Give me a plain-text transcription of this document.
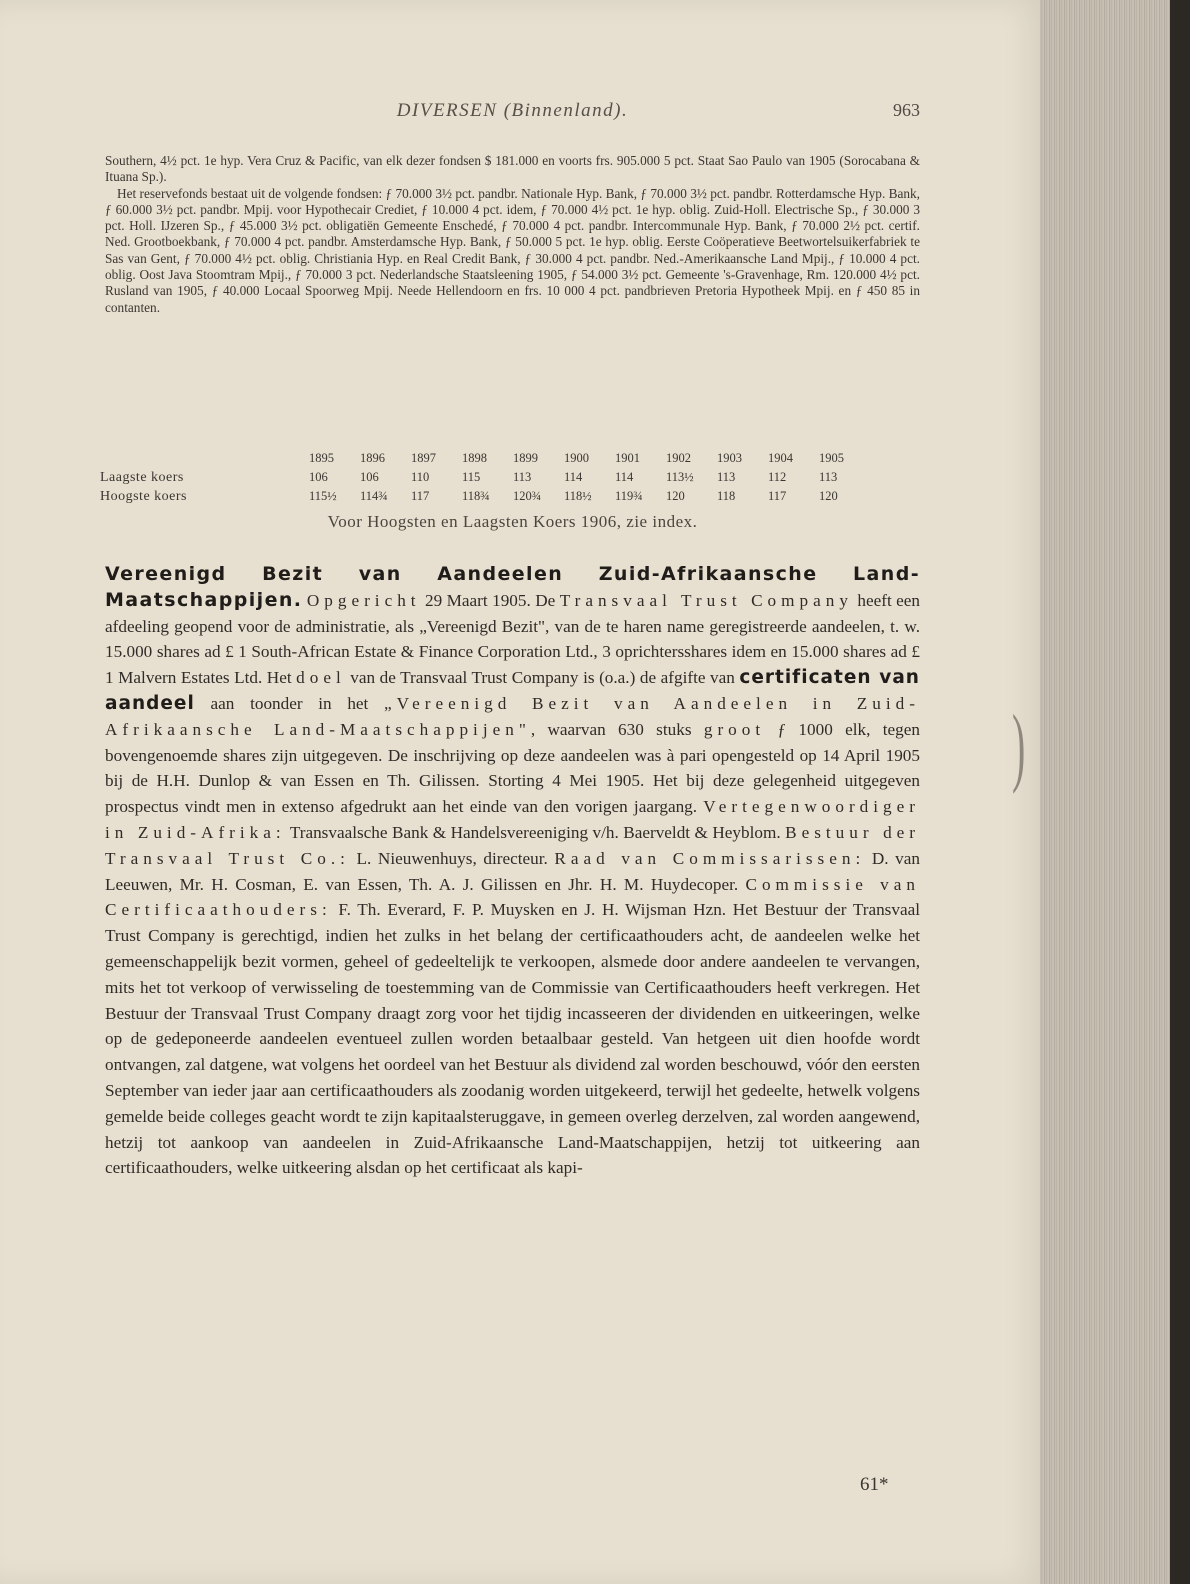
DIVERSEN (Binnenland).	963

Southern, 4½ pct. 1e hyp. Vera Cruz & Pacific, van elk dezer fondsen $ 181.000 en voorts frs. 905.000 5 pct. Staat Sao Paulo van 1905 (Sorocabana & Ituana Sp.).

Het reservefonds bestaat uit de volgende fondsen: ƒ 70.000 3½ pct. pandbr. Nationale Hyp. Bank, ƒ 70.000 3½ pct. pandbr. Rotterdamsche Hyp. Bank, ƒ 60.000 3½ pct. pandbr. Mpij. voor Hypothecair Crediet, ƒ 10.000 4 pct. idem, ƒ 70.000 4½ pct. 1e hyp. oblig. Zuid-Holl. Electrische Sp., ƒ 30.000 3 pct. Holl. IJzeren Sp., ƒ 45.000 3½ pct. obligatiën Gemeente Enschedé, ƒ 70.000 4 pct. pandbr. Intercommunale Hyp. Bank, ƒ 70.000 2½ pct. certif. Ned. Grootboekbank, ƒ 70.000 4 pct. pandbr. Amsterdamsche Hyp. Bank, ƒ 50.000 5 pct. 1e hyp. oblig. Eerste Coöperatieve Beetwortelsuikerfabriek te Sas van Gent, ƒ 70.000 4½ pct. oblig. Christiania Hyp. en Real Credit Bank, ƒ 30.000 4 pct. pandbr. Ned.-Amerikaansche Land Mpij., ƒ 10.000 4 pct. oblig. Oost Java Stoomtram Mpij., ƒ 70.000 3 pct. Nederlandsche Staatsleening 1905, ƒ 54.000 3½ pct. Gemeente 's-Gravenhage, Rm. 120.000 4½ pct. Rusland van 1905, ƒ 40.000 Locaal Spoorweg Mpij. Neede Hellendoorn en frs. 10 000 4 pct. pandbrieven Pretoria Hypotheek Mpij. en ƒ 450 85 in contanten.

	1895	1896	1897	1898	1899	1900	1901	1902	1903	1904	1905
Laagste koers	106	106	110	115	113	114	114	113½	113	112	113
Hoogste koers	115½	114¾	117	118¾	120¾	118½	119¾	120	118	117	120
Voor Hoogsten en Laagsten Koers 1906, zie index.
Vereenigd Bezit van Aandeelen Zuid-Afrikaansche Land-Maatschappijen. Opgericht 29 Maart 1905. De Transvaal Trust Company heeft een afdeeling geopend voor de administratie, als „Vereenigd Bezit", van de te haren name geregistreerde aandeelen, t. w. 15.000 shares ad £ 1 South-African Estate & Finance Corporation Ltd., 3 oprichtersshares idem en 15.000 shares ad £ 1 Malvern Estates Ltd. Het doel van de Transvaal Trust Company is (o.a.) de afgifte van certificaten van aandeel aan toonder in het „Vereenigd Bezit van Aandeelen in Zuid-Afrikaansche Land-Maatschappijen", waarvan 630 stuks groot ƒ 1000 elk, tegen bovengenoemde shares zijn uitgegeven. De inschrijving op deze aandeelen was à pari opengesteld op 14 April 1905 bij de H.H. Dunlop & van Essen en Th. Gilissen. Storting 4 Mei 1905. Het bij deze gelegenheid uitgegeven prospectus vindt men in extenso afgedrukt aan het einde van den vorigen jaargang. Vertegenwoordiger in Zuid-Afrika: Transvaalsche Bank & Handelsvereeniging v/h. Baerveldt & Heyblom. Bestuur der Transvaal Trust Co.: L. Nieuwenhuys, directeur. Raad van Commissarissen: D. van Leeuwen, Mr. H. Cosman, E. van Essen, Th. A. J. Gilissen en Jhr. H. M. Huydecoper. Commissie van Certificaathouders: F. Th. Everard, F. P. Muysken en J. H. Wijsman Hzn. Het Bestuur der Transvaal Trust Company is gerechtigd, indien het zulks in het belang der certificaathouders acht, de aandeelen welke het gemeenschappelijk bezit vormen, geheel of gedeeltelijk te verkoopen, alsmede door andere aandeelen te vervangen, mits het tot verkoop of verwisseling de toestemming van de Commissie van Certificaathouders heeft verkregen. Het Bestuur der Transvaal Trust Company draagt zorg voor het tijdig incasseeren der dividenden en uitkeeringen, welke op de gedeponeerde aandeelen eventueel zullen worden betaalbaar gesteld. Van hetgeen uit dien hoofde wordt ontvangen, zal datgene, wat volgens het oordeel van het Bestuur als dividend zal worden beschouwd, vóór den eersten September van ieder jaar aan certificaathouders als zoodanig worden uitgekeerd, terwijl het gedeelte, hetwelk volgens gemelde beide colleges geacht wordt te zijn kapitaalsteruggave, in gemeen overleg derzelven, zal worden aangewend, hetzij tot aankoop van aandeelen in Zuid-Afrikaansche Land-Maatschappijen, hetzij tot uitkeering aan certificaathouders, welke uitkeering alsdan op het certificaat als kapi-
61*
)
